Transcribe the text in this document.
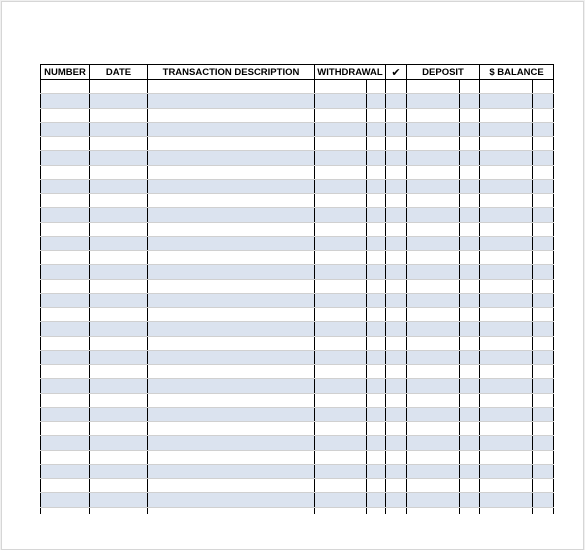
NUMBER	DATE	TRANSACTION DESCRIPTION	WITHDRAWAL		✔	DEPOSIT		$ BALANCE	
